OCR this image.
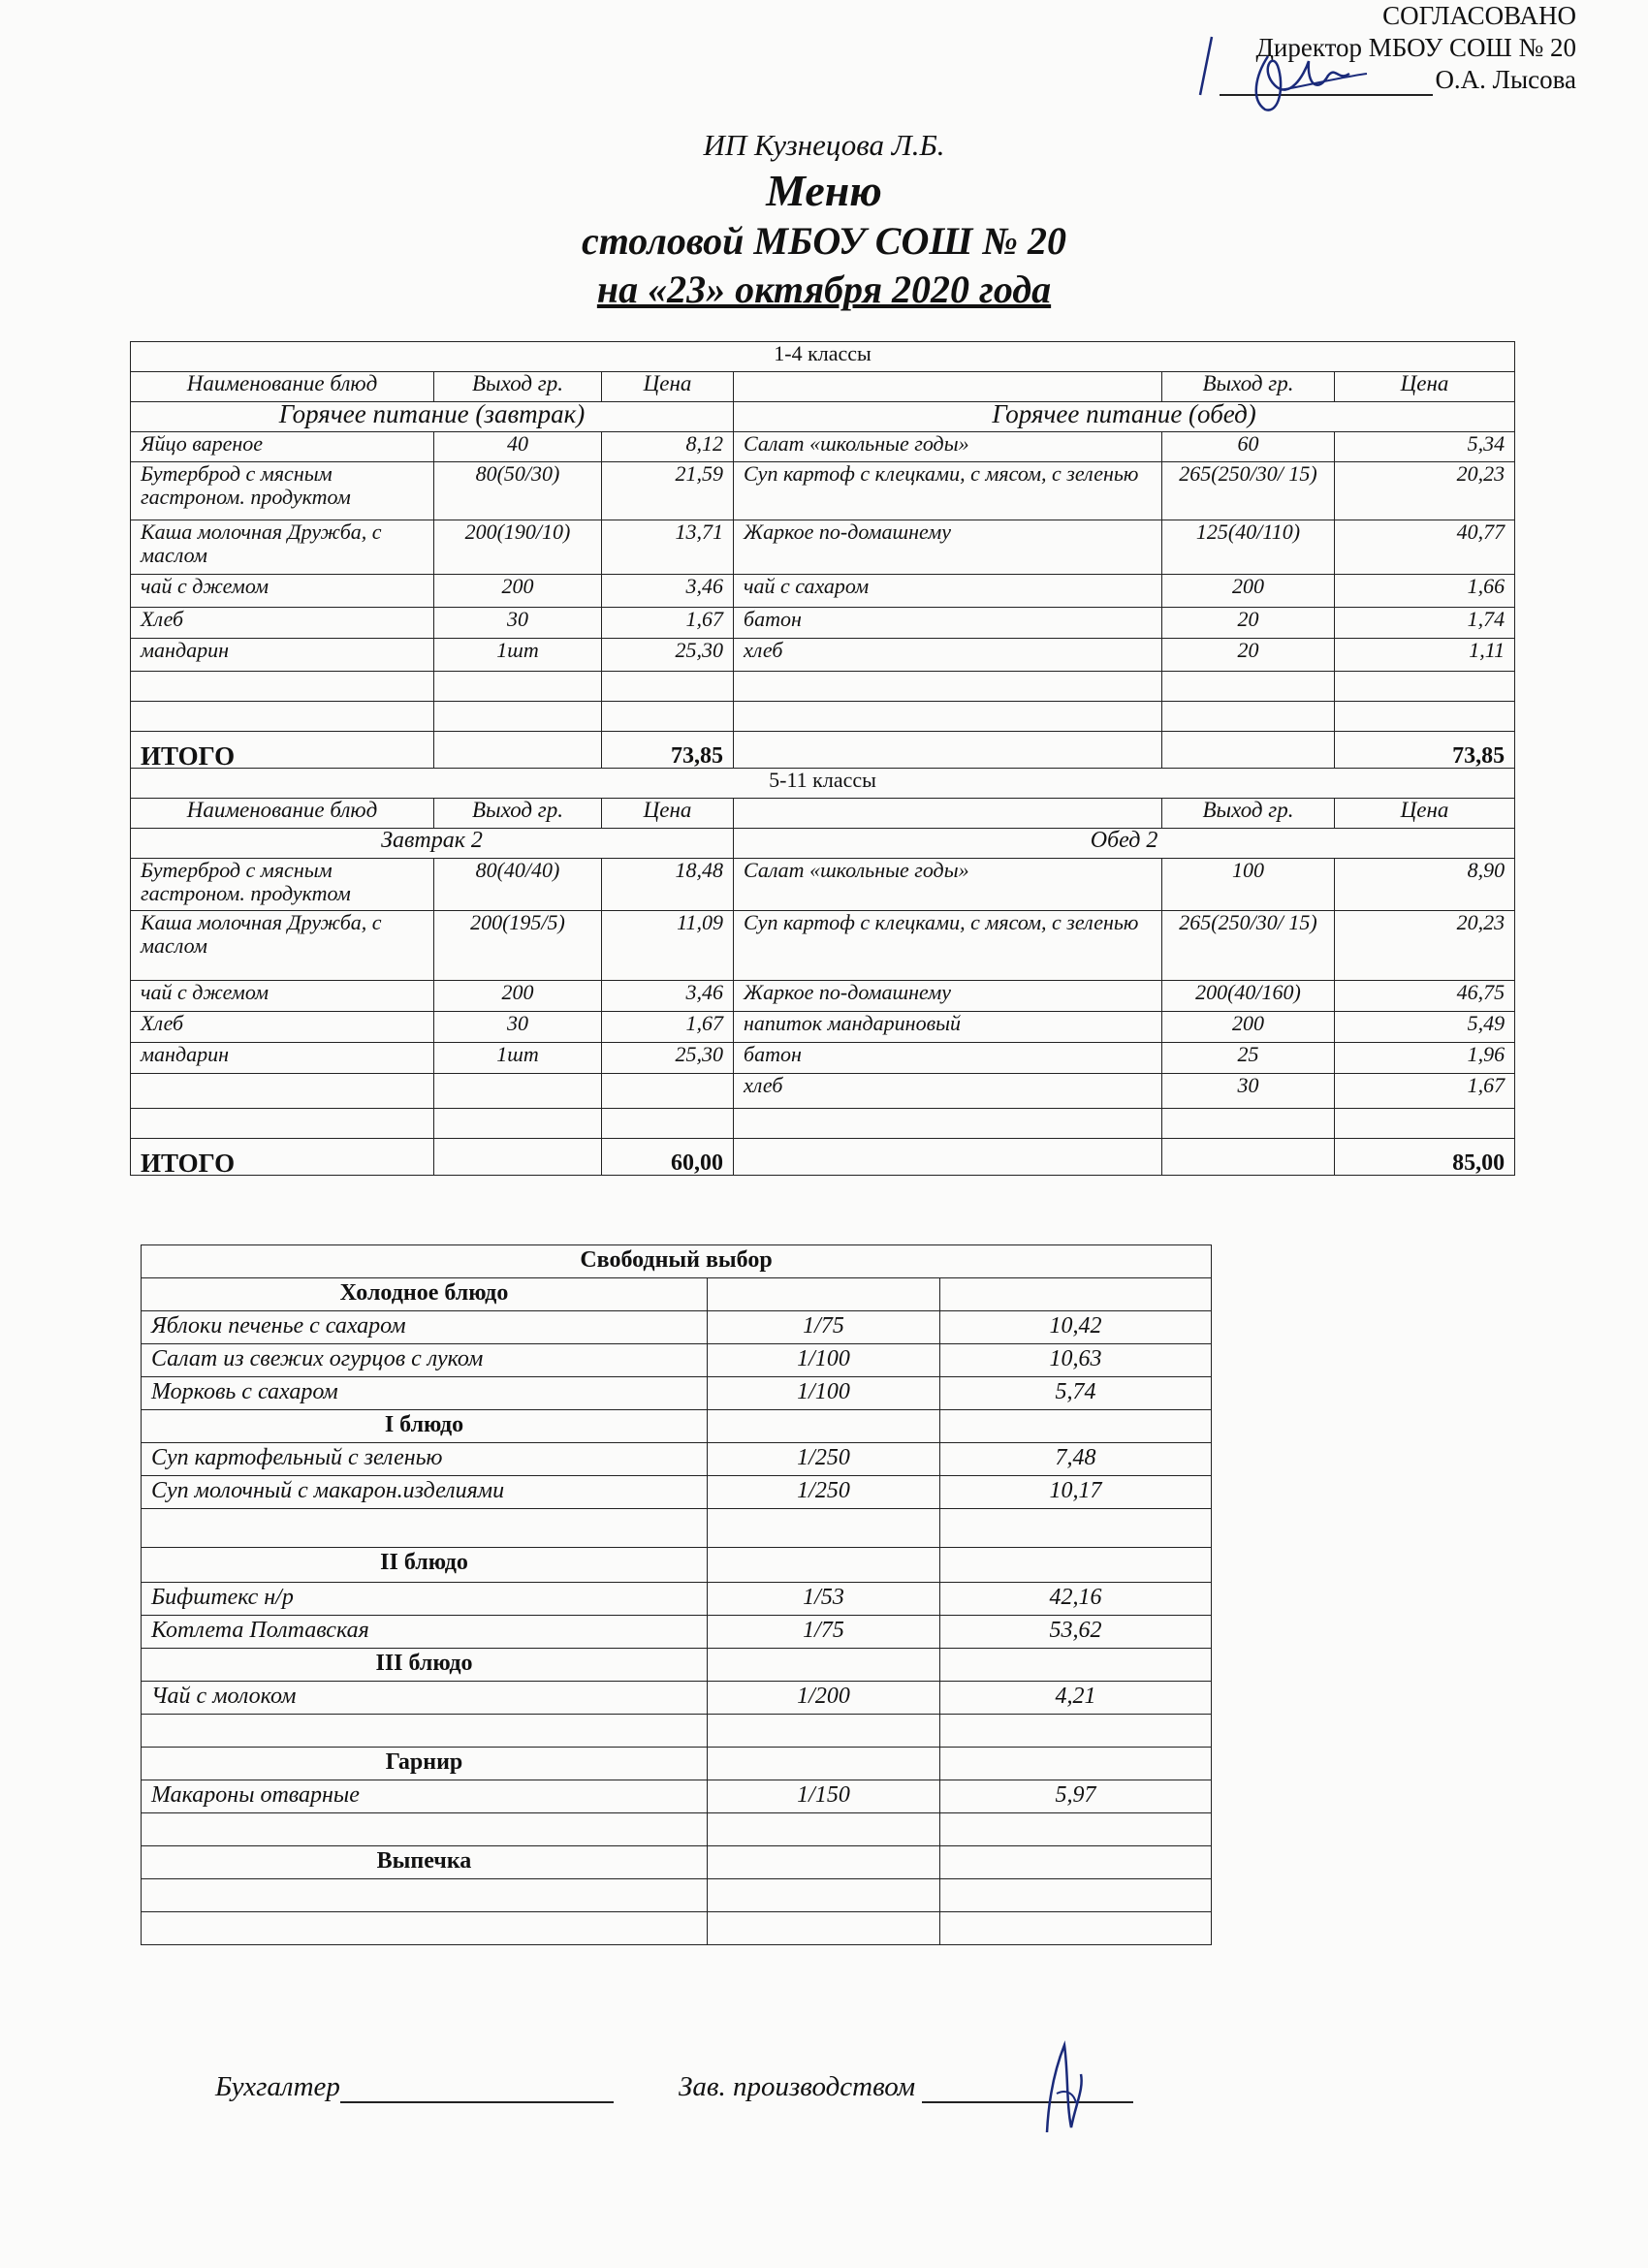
СОГЛАСОВАНО
Директор МБОУ СОШ № 20
О.А. Лысова
ИП Кузнецова Л.Б.
Меню
столовой МБОУ СОШ № 20
на «23» октября 2020 года
1-4 классы					
Наименование блюд	Выход гр.	Цена		Выход гр.	Цена
Горячее питание (завтрак)			Горячее питание (обед)		
Яйцо вареное	40	8,12	Салат «школьные годы»	60	5,34
Бутерброд с мясным гастроном. продуктом	80(50/30)	21,59	Суп картоф с клецками, с мясом, с зеленью	265(250/30/ 15)	20,23
Каша молочная Дружба, с маслом	200(190/10)	13,71	Жаркое по-домашнему	125(40/110)	40,77
чай с джемом	200	3,46	чай с сахаром	200	1,66
Хлеб	30	1,67	батон	20	1,74
мандарин	1шт	25,30	хлеб	20	1,11

ИТОГО		73,85			73,85
5-11 классы					
Наименование блюд	Выход гр.	Цена		Выход гр.	Цена
Завтрак 2			Обед 2		
Бутерброд с мясным гастроном. продуктом	80(40/40)	18,48	Салат «школьные годы»	100	8,90
Каша молочная Дружба, с маслом	200(195/5)	11,09	Суп картоф с клецками, с мясом, с зеленью	265(250/30/ 15)	20,23
чай с джемом	200	3,46	Жаркое по-домашнему	200(40/160)	46,75
Хлеб	30	1,67	напиток мандариновый	200	5,49
мандарин	1шт	25,30	батон	25	1,96
			хлеб	30	1,67

ИТОГО		60,00			85,00
Свободный выбор		
Холодное блюдо		
Яблоки печенье с сахаром	1/75	10,42
Салат из свежих огурцов с луком	1/100	10,63
Морковь с сахаром	1/100	5,74
I блюдо		
Суп картофельный с зеленью	1/250	7,48
Суп молочный с макарон.изделиями	1/250	10,17

II блюдо		
Бифштекс н/р	1/53	42,16
Котлета Полтавская	1/75	53,62
III блюдо		
Чай с молоком	1/200	4,21

Гарнир		
Макароны отварные	1/150	5,97

Выпечка		

Бухгалтер	Зав. производством
